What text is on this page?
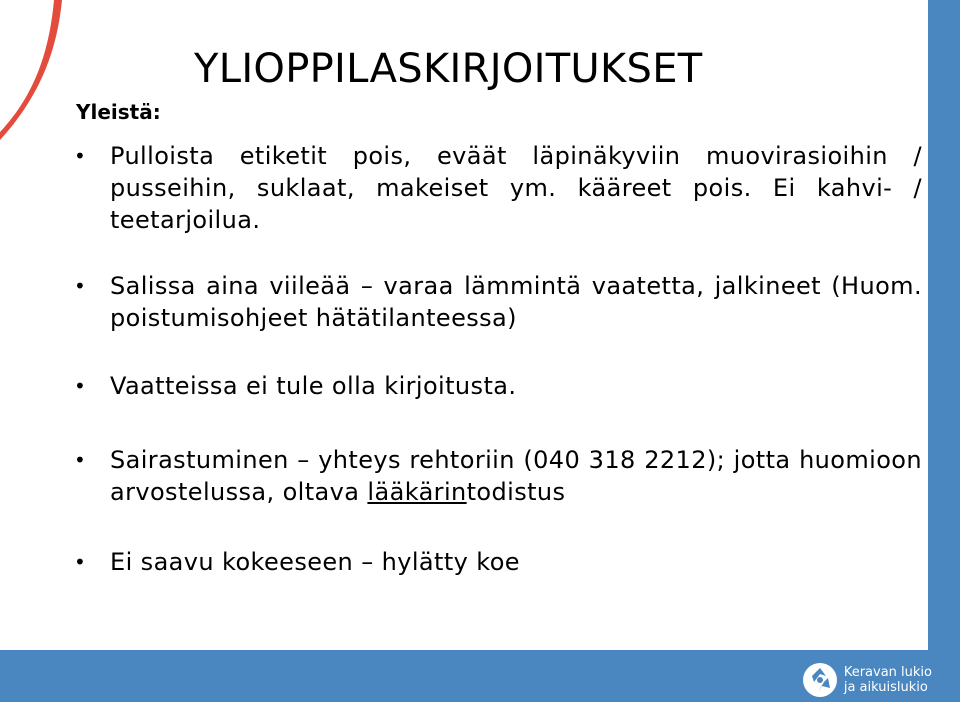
YLIOPPILASKIRJOITUKSET
Yleistä:
• Pulloista etiketit pois, eväät läpinäkyviin muovirasioihin / pusseihin, suklaat, makeiset ym. kääreet pois. Ei kahvi- / teetarjoilua.
• Salissa aina viileää – varaa lämmintä vaatetta, jalkineet (Huom. poistumisohjeet hätätilanteessa)
• Vaatteissa ei tule olla kirjoitusta.
• Sairastuminen – yhteys rehtoriin (040 318 2212); jotta huomioon arvostelussa, oltava lääkärintodistus
• Ei saavu kokeeseen – hylätty koe
Keravan lukio
ja aikuislukio
